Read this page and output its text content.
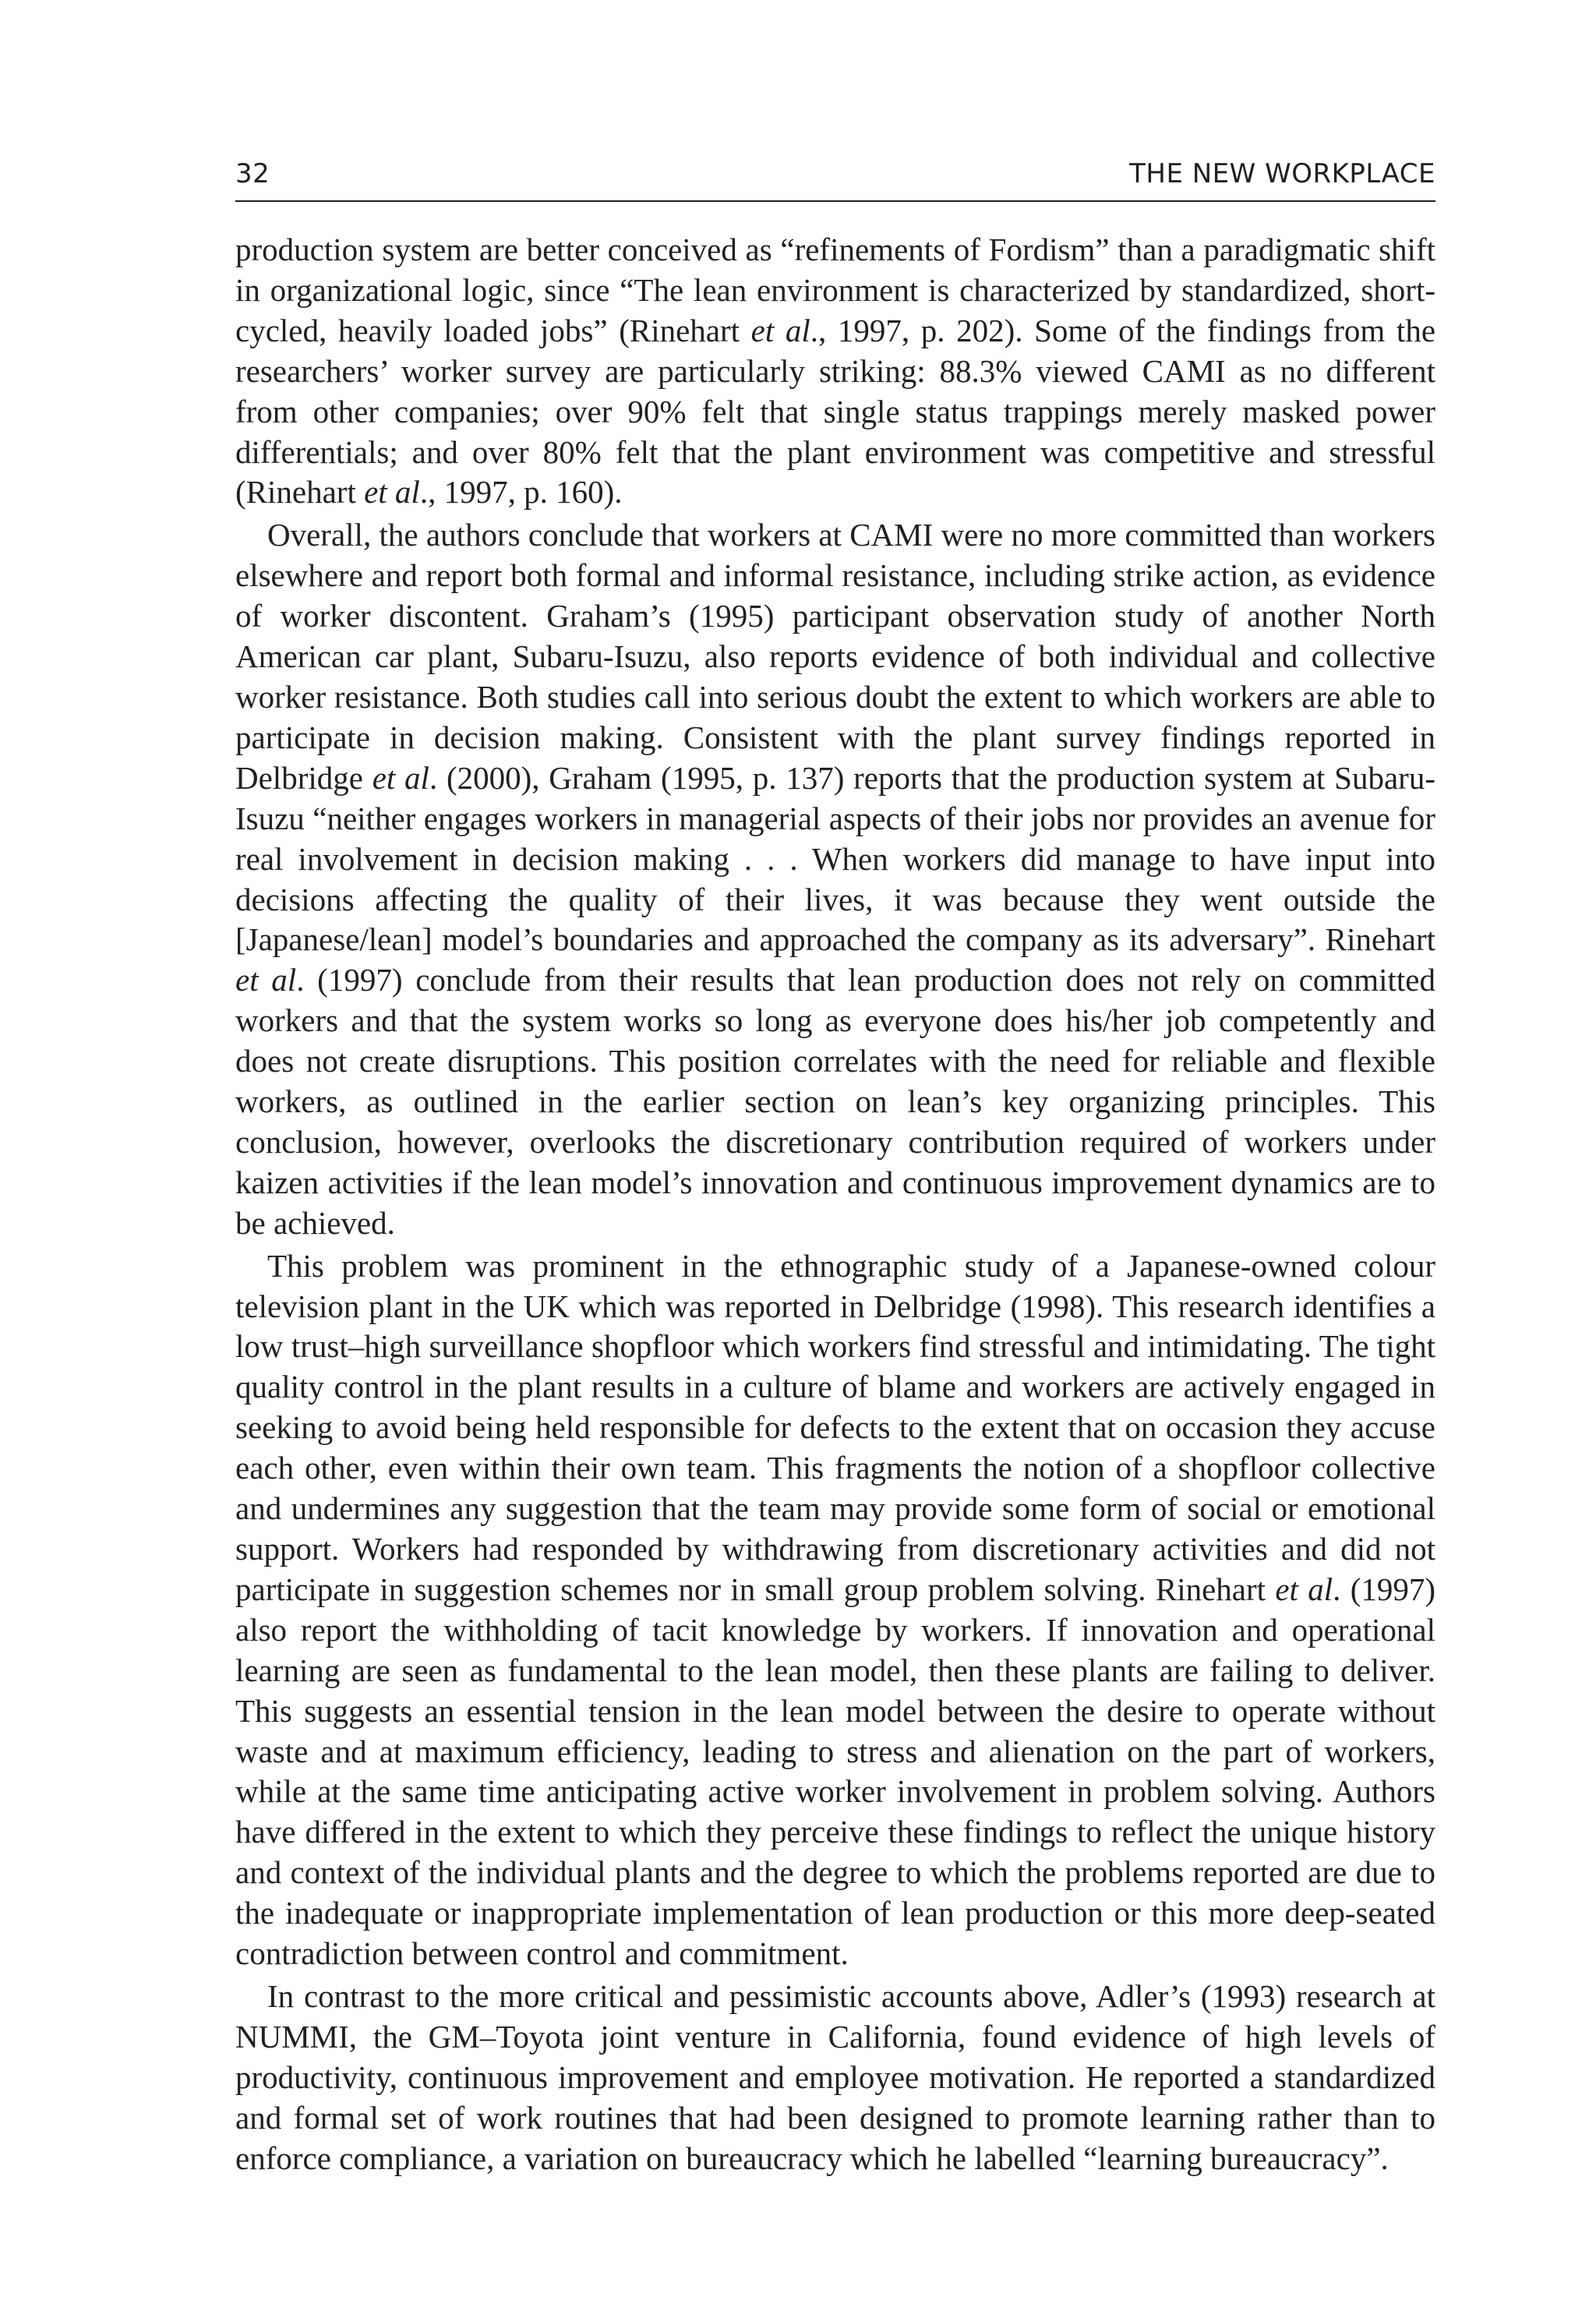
32	THE NEW WORKPLACE

production system are better conceived as “refinements of Fordism” than a paradigmatic shift in organizational logic, since “The lean environment is characterized by standardized, short-cycled, heavily loaded jobs” (Rinehart et al., 1997, p. 202). Some of the findings from the researchers’ worker survey are particularly striking: 88.3% viewed CAMI as no different from other companies; over 90% felt that single status trappings merely masked power differentials; and over 80% felt that the plant environment was competitive and stressful (Rinehart et al., 1997, p. 160).

Overall, the authors conclude that workers at CAMI were no more committed than workers elsewhere and report both formal and informal resistance, including strike action, as evidence of worker discontent. Graham’s (1995) participant observation study of another North American car plant, Subaru-Isuzu, also reports evidence of both individual and collective worker resistance. Both studies call into serious doubt the extent to which workers are able to participate in decision making. Consistent with the plant survey findings reported in Delbridge et al. (2000), Graham (1995, p. 137) reports that the production system at Subaru-Isuzu “neither engages workers in managerial aspects of their jobs nor provides an avenue for real involvement in decision making . . . When workers did manage to have input into decisions affecting the quality of their lives, it was because they went outside the [Japanese/lean] model’s boundaries and approached the company as its adversary”. Rinehart et al. (1997) conclude from their results that lean production does not rely on committed workers and that the system works so long as everyone does his/her job competently and does not create disruptions. This position correlates with the need for reliable and flexible workers, as outlined in the earlier section on lean’s key organizing principles. This conclusion, however, overlooks the discretionary contribution required of workers under kaizen activities if the lean model’s innovation and continuous improvement dynamics are to be achieved.

This problem was prominent in the ethnographic study of a Japanese-owned colour television plant in the UK which was reported in Delbridge (1998). This research identifies a low trust–high surveillance shopfloor which workers find stressful and intimidating. The tight quality control in the plant results in a culture of blame and workers are actively engaged in seeking to avoid being held responsible for defects to the extent that on occasion they accuse each other, even within their own team. This fragments the notion of a shopfloor collective and undermines any suggestion that the team may provide some form of social or emotional support. Workers had responded by withdrawing from discretionary activities and did not participate in suggestion schemes nor in small group problem solving. Rinehart et al. (1997) also report the withholding of tacit knowledge by workers. If innovation and operational learning are seen as fundamental to the lean model, then these plants are failing to deliver. This suggests an essential tension in the lean model between the desire to operate without waste and at maximum efficiency, leading to stress and alienation on the part of workers, while at the same time anticipating active worker involvement in problem solving. Authors have differed in the extent to which they perceive these findings to reflect the unique history and context of the individual plants and the degree to which the problems reported are due to the inadequate or inappropriate implementation of lean production or this more deep-seated contradiction between control and commitment.

In contrast to the more critical and pessimistic accounts above, Adler’s (1993) research at NUMMI, the GM–Toyota joint venture in California, found evidence of high levels of productivity, continuous improvement and employee motivation. He reported a standardized and formal set of work routines that had been designed to promote learning rather than to enforce compliance, a variation on bureaucracy which he labelled “learning bureaucracy”.
